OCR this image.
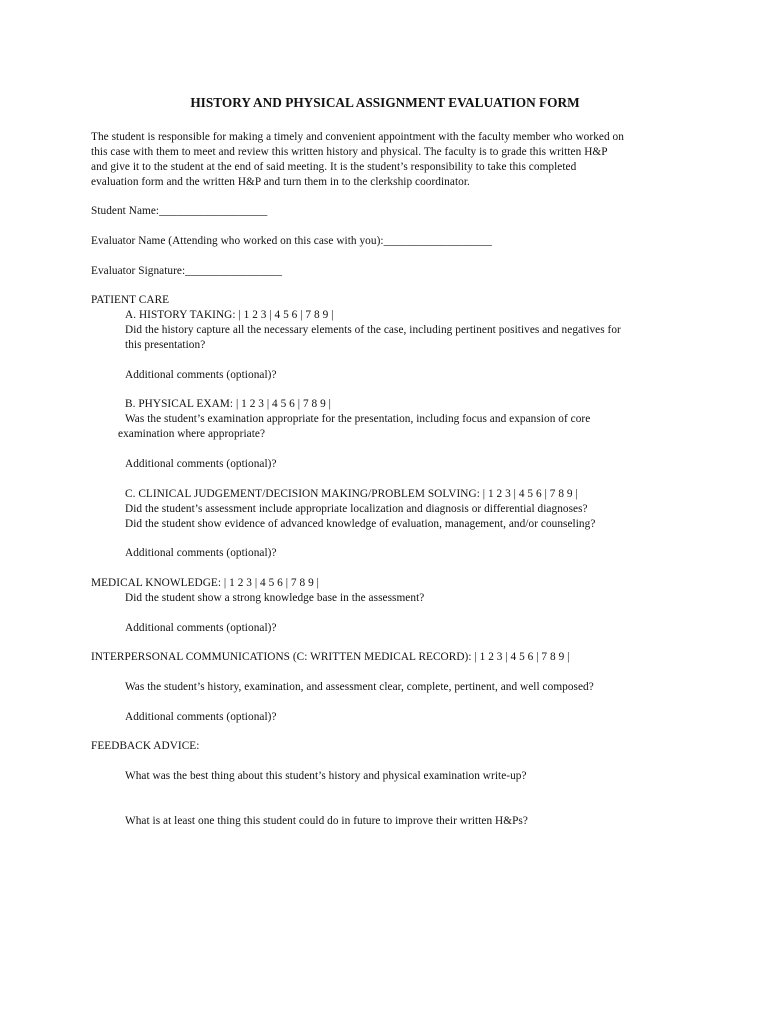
HISTORY AND PHYSICAL ASSIGNMENT EVALUATION FORM
The student is responsible for making a timely and convenient appointment with the faculty member who worked on
this case with them to meet and review this written history and physical. The faculty is to grade this written H&P
and give it to the student at the end of said meeting. It is the student’s responsibility to take this completed
evaluation form and the written H&P and turn them in to the clerkship coordinator.
Student Name:___________________
Evaluator Name (Attending who worked on this case with you):___________________
Evaluator Signature:_________________
PATIENT CARE
A. HISTORY TAKING: | 1 2 3 | 4 5 6 | 7 8 9 |
Did the history capture all the necessary elements of the case, including pertinent positives and negatives for
this presentation?
Additional comments (optional)?
B. PHYSICAL EXAM: | 1 2 3 | 4 5 6 | 7 8 9 |
Was the student’s examination appropriate for the presentation, including focus and expansion of core
examination where appropriate?
Additional comments (optional)?
C. CLINICAL JUDGEMENT/DECISION MAKING/PROBLEM SOLVING: | 1 2 3 | 4 5 6 | 7 8 9 |
Did the student’s assessment include appropriate localization and diagnosis or differential diagnoses?
Did the student show evidence of advanced knowledge of evaluation, management, and/or counseling?
Additional comments (optional)?
MEDICAL KNOWLEDGE: | 1 2 3 | 4 5 6 | 7 8 9 |
Did the student show a strong knowledge base in the assessment?
Additional comments (optional)?
INTERPERSONAL COMMUNICATIONS (C: WRITTEN MEDICAL RECORD): | 1 2 3 | 4 5 6 | 7 8 9 |
Was the student’s history, examination, and assessment clear, complete, pertinent, and well composed?
Additional comments (optional)?
FEEDBACK ADVICE:
What was the best thing about this student’s history and physical examination write-up?
What is at least one thing this student could do in future to improve their written H&Ps?
